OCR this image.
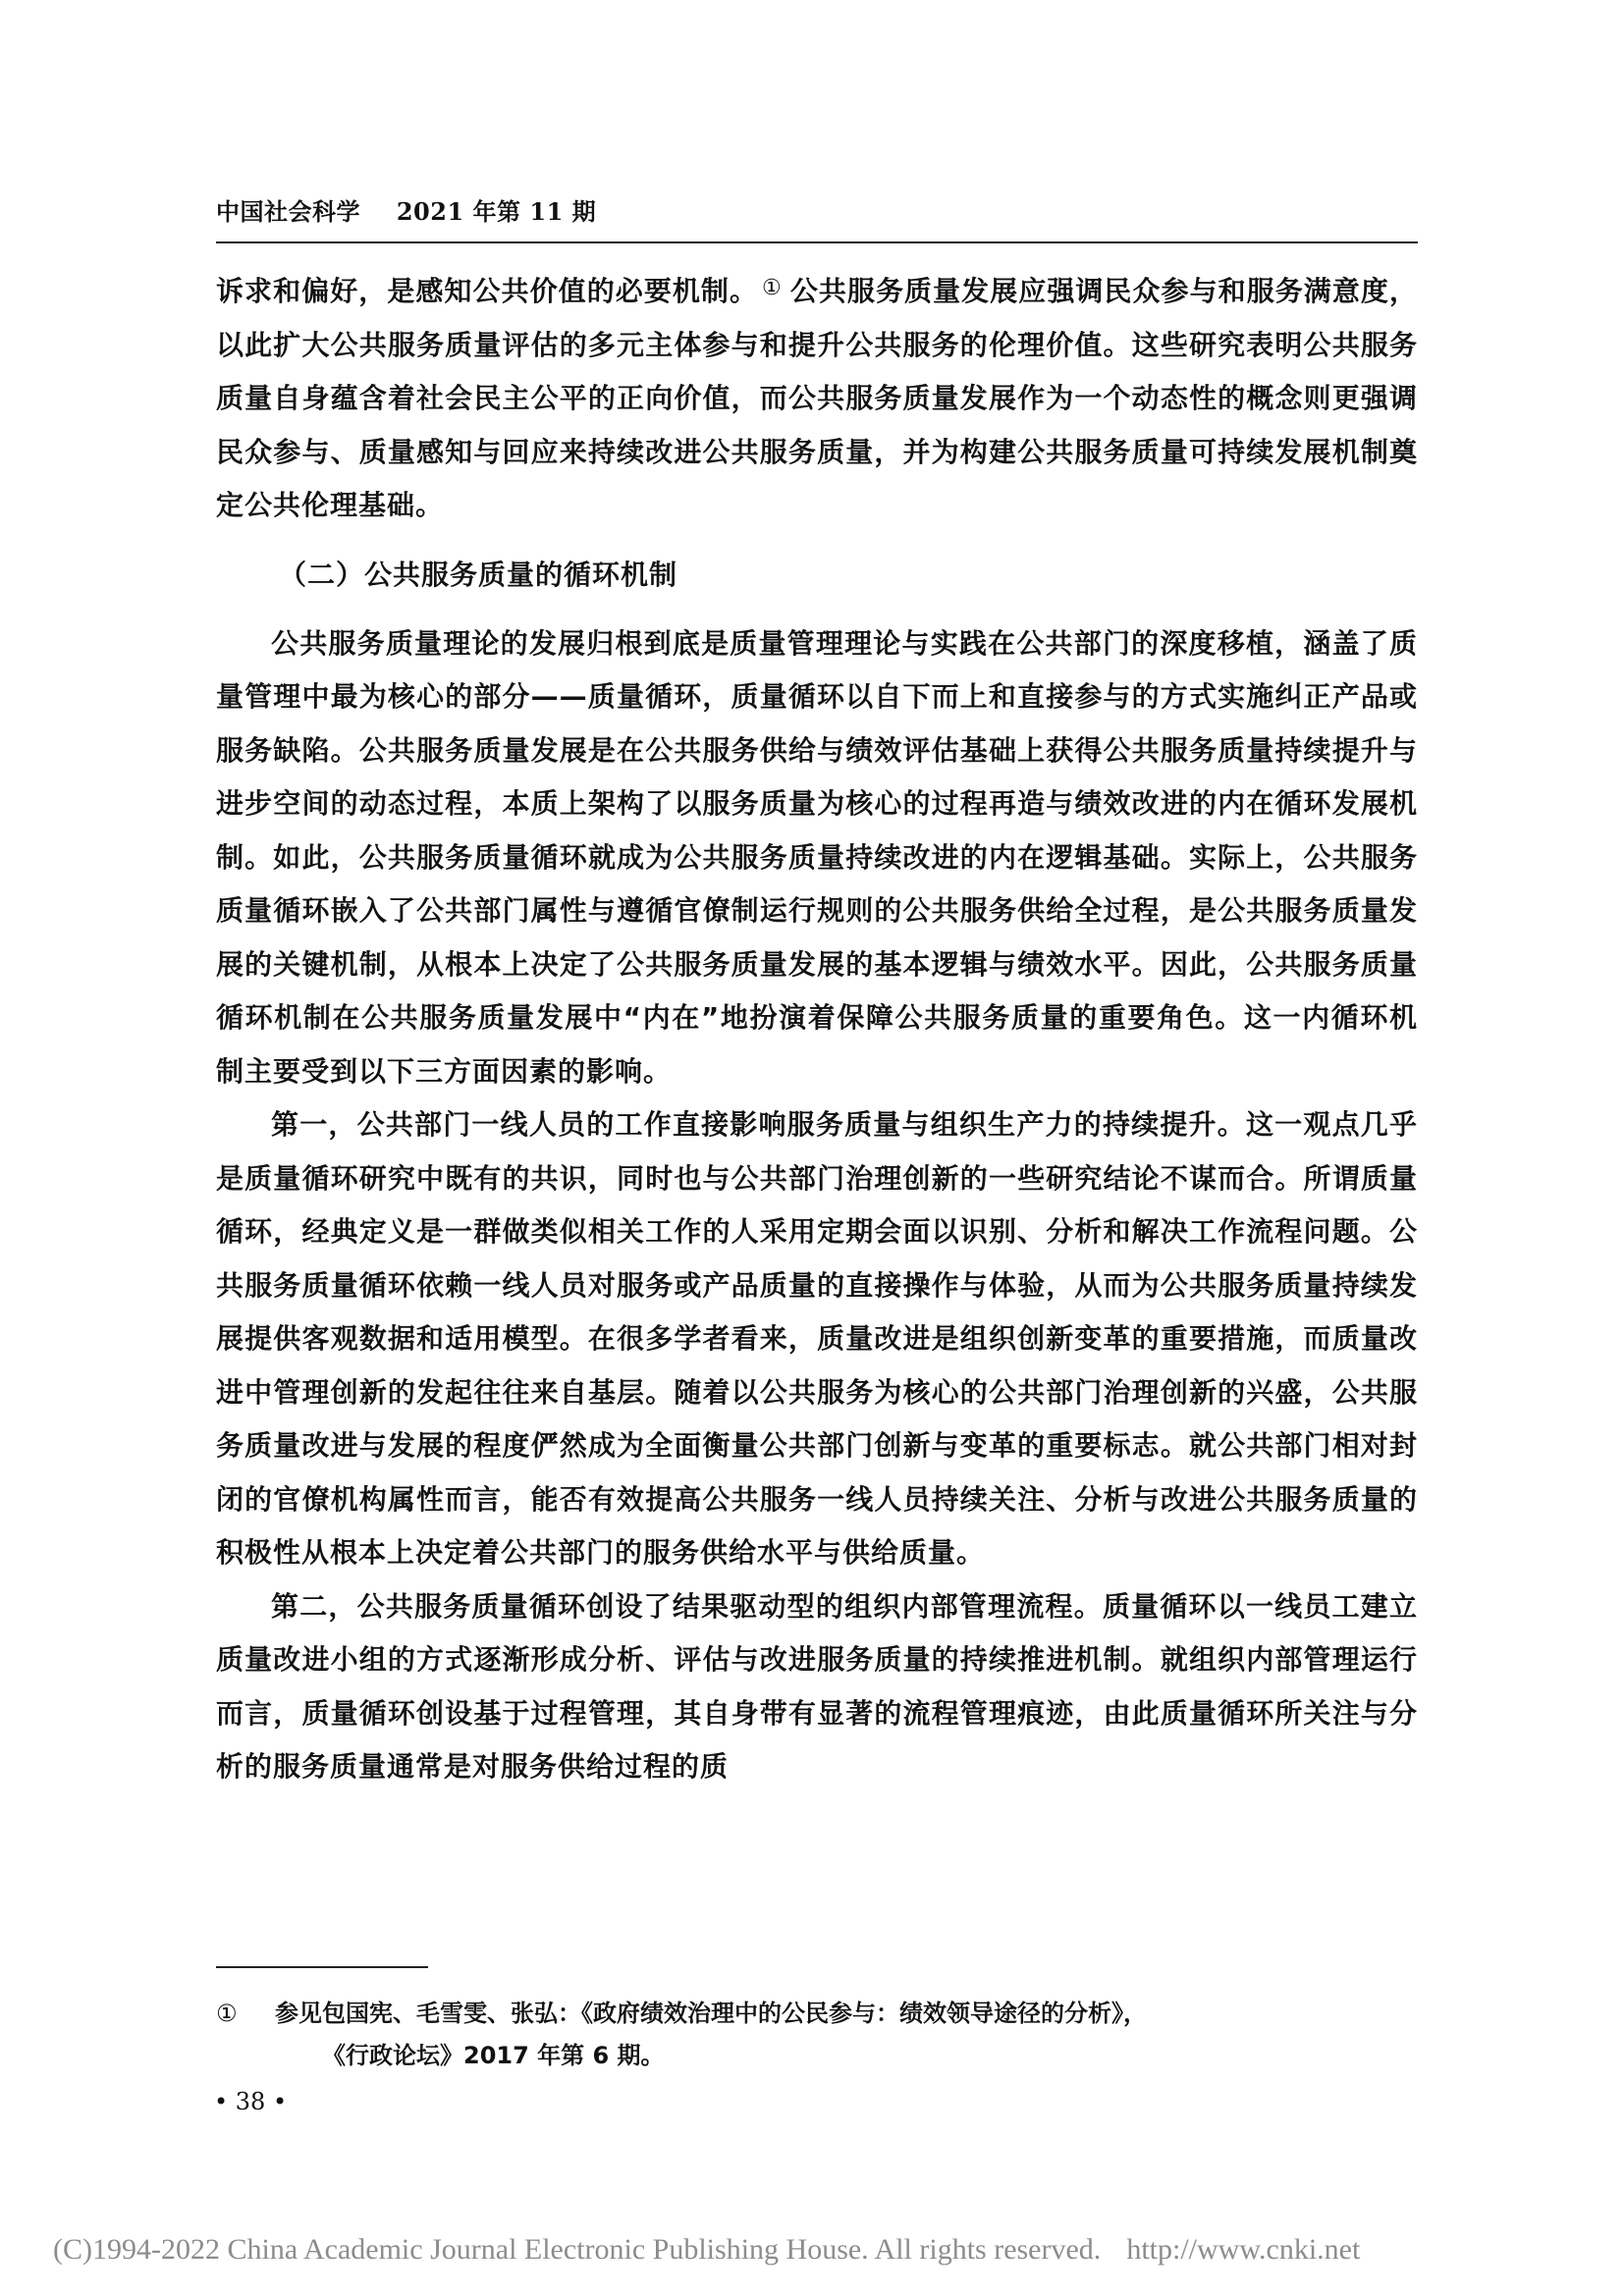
中国社会科学 2021 年第 11 期

诉求和偏好，是感知公共价值的必要机制。 ① 公共服务质量发展应强调民众参与和服务满意度，以此扩大公共服务质量评估的多元主体参与和提升公共服务的伦理价值。这些研究表明公共服务质量自身蕴含着社会民主公平的正向价值，而公共服务质量发展作为一个动态性的概念则更强调民众参与、质量感知与回应来持续改进公共服务质量，并为构建公共服务质量可持续发展机制奠定公共伦理基础。

（二）公共服务质量的循环机制

公共服务质量理论的发展归根到底是质量管理理论与实践在公共部门的深度移植，涵盖了质量管理中最为核心的部分——质量循环，质量循环以自下而上和直接参与的方式实施纠正产品或服务缺陷。公共服务质量发展是在公共服务供给与绩效评估基础上获得公共服务质量持续提升与进步空间的动态过程，本质上架构了以服务质量为核心的过程再造与绩效改进的内在循环发展机制。如此，公共服务质量循环就成为公共服务质量持续改进的内在逻辑基础。实际上，公共服务质量循环嵌入了公共部门属性与遵循官僚制运行规则的公共服务供给全过程，是公共服务质量发展的关键机制，从根本上决定了公共服务质量发展的基本逻辑与绩效水平。因此，公共服务质量循环机制在公共服务质量发展中“内在”地扮演着保障公共服务质量的重要角色。这一内循环机制主要受到以下三方面因素的影响。

第一，公共部门一线人员的工作直接影响服务质量与组织生产力的持续提升。这一观点几乎是质量循环研究中既有的共识，同时也与公共部门治理创新的一些研究结论不谋而合。所谓质量循环，经典定义是一群做类似相关工作的人采用定期会面以识别、分析和解决工作流程问题。公共服务质量循环依赖一线人员对服务或产品质量的直接操作与体验，从而为公共服务质量持续发展提供客观数据和适用模型。在很多学者看来，质量改进是组织创新变革的重要措施，而质量改进中管理创新的发起往往来自基层。随着以公共服务为核心的公共部门治理创新的兴盛，公共服务质量改进与发展的程度俨然成为全面衡量公共部门创新与变革的重要标志。就公共部门相对封闭的官僚机构属性而言，能否有效提高公共服务一线人员持续关注、分析与改进公共服务质量的积极性从根本上决定着公共部门的服务供给水平与供给质量。

第二，公共服务质量循环创设了结果驱动型的组织内部管理流程。质量循环以一线员工建立质量改进小组的方式逐渐形成分析、评估与改进服务质量的持续推进机制。就组织内部管理运行而言，质量循环创设基于过程管理，其自身带有显著的流程管理痕迹，由此质量循环所关注与分析的服务质量通常是对服务供给过程的质

① 参见包国宪、毛雪雯、张弘：《政府绩效治理中的公民参与：绩效领导途径的分析》，
《行政论坛》2017 年第 6 期。
• 38 •
(C)1994-2022 China Academic Journal Electronic Publishing House. All rights reserved. http://www.cnki.net
